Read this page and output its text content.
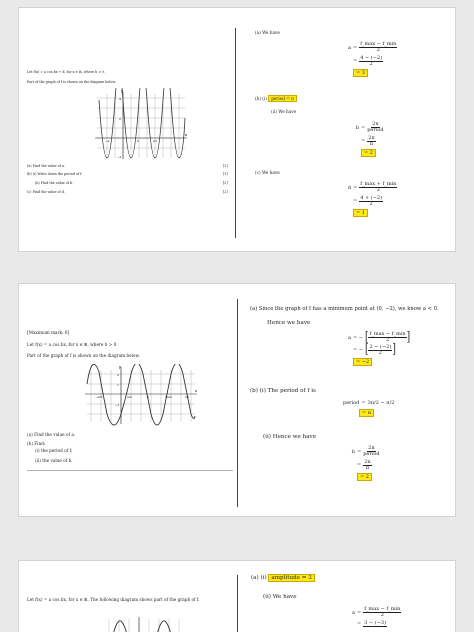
Let f(x) = a cos bx + d, for x ∈ ℝ, where b > 0.
Part of the graph of f is shown on the diagram below.
y
x
−π	π	2π
4
2
−2
(a) Find the value of a.	[2]
(b) (i) Write down the period of f.	[1]
(ii) Find the value of b.	[2]
(c) Find the value of d.	[2]
(a) We have
$a = \frac{f\_\max - f\_\min}{2}$
= $\frac{4 - (-2)}{2}$
= 3
(b) (i) period = π
(ii) We have
$b = \frac{2\pi}{\text{period}}$
= $\frac{2\pi}{\pi}$
= 2
(c) We have
$d = \frac{f\_\max + f\_\min}{2}$
= $\frac{4 + (-2)}{2}$
= 1
[Maximum mark: 6]
Let f(x) = a cos bx, for x ∈ ℝ, where b > 0.
Part of the graph of f is shown on the diagram below.
y
x
−π/2	π/2	π	3π/2	2π
2
1
−1
(a) Find the value of a.
(b) Find:
(i) the period of f;
(ii) the value of b.
(a) Since the graph of f has a minimum point at (0, −2), we know a < 0.
Hence we have
a = − [ $\frac{f\_\max - f\_\min}{2}$
]
= − [ $\frac{2 - (-2)}{2}$
]
= −2
(b) (i) The period of f is
period = 3π/2 − π/2
= π
(ii) Hence we have
$b = \frac{2\pi}{\text{period}}$
= $\frac{2\pi}{\pi}$
= 2
Let f(x) = a cos bx, for x ∈ ℝ. The following diagram shows part of the graph of f.
(a) (i) amplitude = 3
(ii) We have
$a = \frac{f\_\max - f\_\min}{2}$
= 3 − (−3)
